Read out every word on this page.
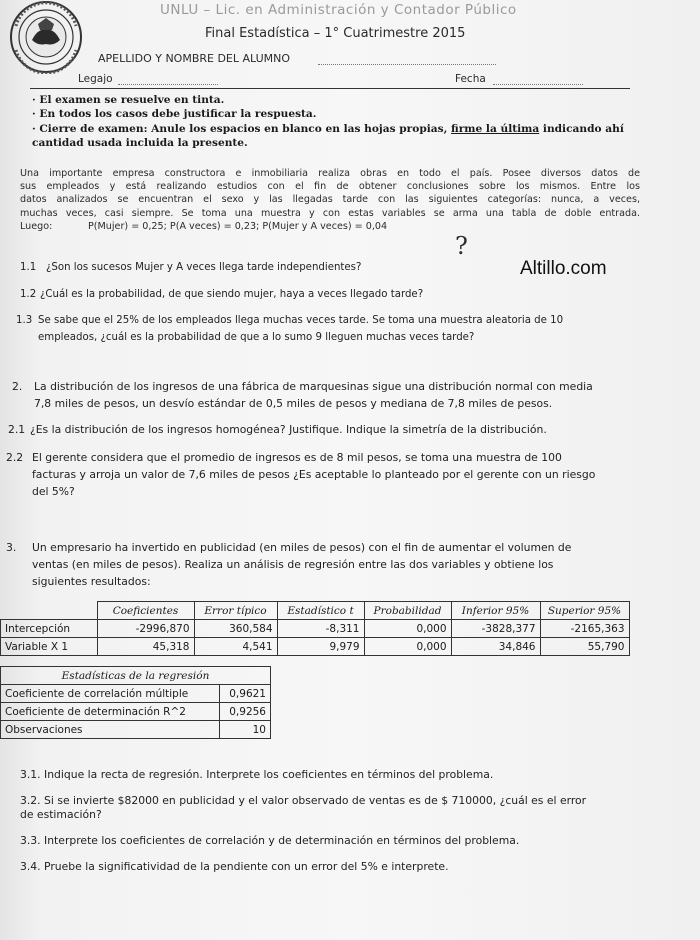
UNLU – Lic. en Administración y Contador Público
Final Estadística – 1° Cuatrimestre 2015
APELLIDO Y NOMBRE DEL ALUMNO
Legajo	Fecha
· El examen se resuelve en tinta.
· En todos los casos debe justificar la respuesta.
· Cierre de examen: Anule los espacios en blanco en las hojas propias, firme la última indicando ahí
cantidad usada incluida la presente.
Una importante empresa constructora e inmobiliaria realiza obras en todo el país. Posee diversos datos de
sus empleados y está realizando estudios con el fin de obtener conclusiones sobre los mismos. Entre los
datos analizados se encuentran el sexo y las llegadas tarde con las siguientes categorías: nunca, a veces,
muchas veces, casi siempre. Se toma una muestra y con estas variables se arma una tabla de doble entrada.
Luego:	P(Mujer) = 0,25; P(A veces) = 0,23; P(Mujer y A veces) = 0,04
?
Altillo.com
1.1 ¿Son los sucesos Mujer y A veces llega tarde independientes?
1.2 ¿Cuál es la probabilidad, de que siendo mujer, haya a veces llegado tarde?
1.3 Se sabe que el 25% de los empleados llega muchas veces tarde. Se toma una muestra aleatoria de 10
empleados, ¿cuál es la probabilidad de que a lo sumo 9 lleguen muchas veces tarde?
2. La distribución de los ingresos de una fábrica de marquesinas sigue una distribución normal con media
7,8 miles de pesos, un desvío estándar de 0,5 miles de pesos y mediana de 7,8 miles de pesos.
2.1 ¿Es la distribución de los ingresos homogénea? Justifique. Indique la simetría de la distribución.
2.2 El gerente considera que el promedio de ingresos es de 8 mil pesos, se toma una muestra de 100
facturas y arroja un valor de 7,6 miles de pesos ¿Es aceptable lo planteado por el gerente con un riesgo
del 5%?
3. Un empresario ha invertido en publicidad (en miles de pesos) con el fin de aumentar el volumen de
ventas (en miles de pesos). Realiza un análisis de regresión entre las dos variables y obtiene los
siguientes resultados:
	Coeficientes	Error típico	Estadístico t	Probabilidad	Inferior 95%	Superior 95%
Intercepción	-2996,870	360,584	-8,311	0,000	-3828,377	-2165,363
Variable X 1	45,318	4,541	9,979	0,000	34,846	55,790
Estadísticas de la regresión	
Coeficiente de correlación múltiple	0,9621
Coeficiente de determinación R^2	0,9256
Observaciones	10
3.1. Indique la recta de regresión. Interprete los coeficientes en términos del problema.
3.2. Si se invierte $82000 en publicidad y el valor observado de ventas es de $ 710000, ¿cuál es el error
de estimación?
3.3. Interprete los coeficientes de correlación y de determinación en términos del problema.
3.4. Pruebe la significatividad de la pendiente con un error del 5% e interprete.
